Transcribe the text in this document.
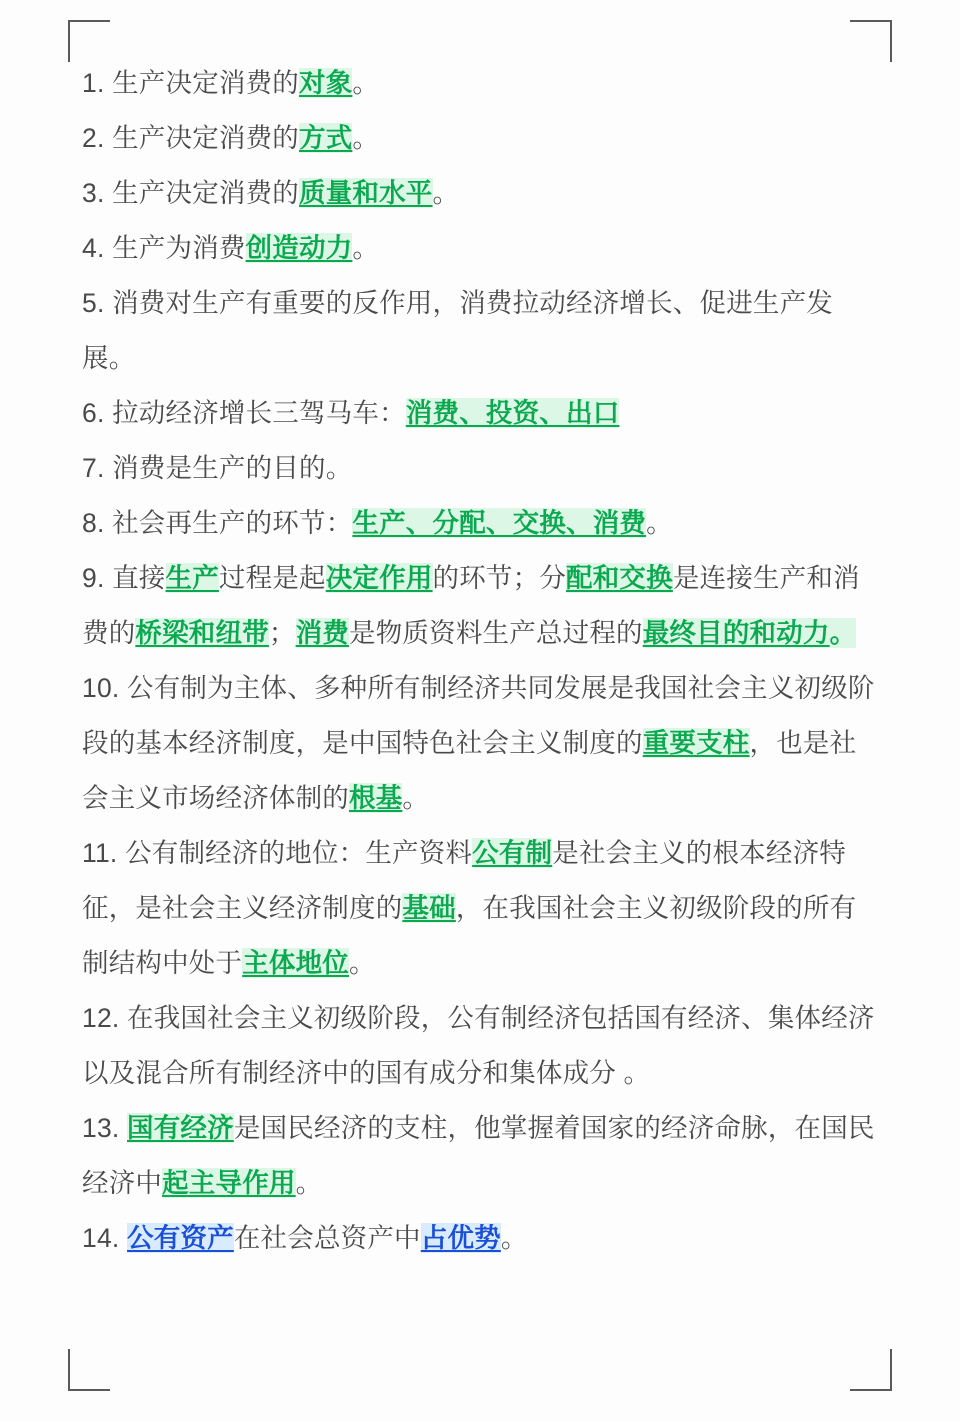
1. 生产决定消费的对象。
2. 生产决定消费的方式。
3. 生产决定消费的质量和水平。
4. 生产为消费创造动力。
5. 消费对生产有重要的反作用，消费拉动经济增长、促进生产发展。
6. 拉动经济增长三驾马车：消费、投资、出口
7. 消费是生产的目的。
8. 社会再生产的环节：生产、分配、交换、消费。
9. 直接生产过程是起决定作用的环节；分配和交换是连接生产和消费的桥梁和纽带；消费是物质资料生产总过程的最终目的和动力。
10. 公有制为主体、多种所有制经济共同发展是我国社会主义初级阶段的基本经济制度，是中国特色社会主义制度的重要支柱，也是社会主义市场经济体制的根基。
11. 公有制经济的地位：生产资料公有制是社会主义的根本经济特征，是社会主义经济制度的基础，在我国社会主义初级阶段的所有制结构中处于主体地位。
12. 在我国社会主义初级阶段，公有制经济包括国有经济、集体经济以及混合所有制经济中的国有成分和集体成分 。
13. 国有经济是国民经济的支柱，他掌握着国家的经济命脉，在国民经济中起主导作用。
14. 公有资产在社会总资产中占优势。
